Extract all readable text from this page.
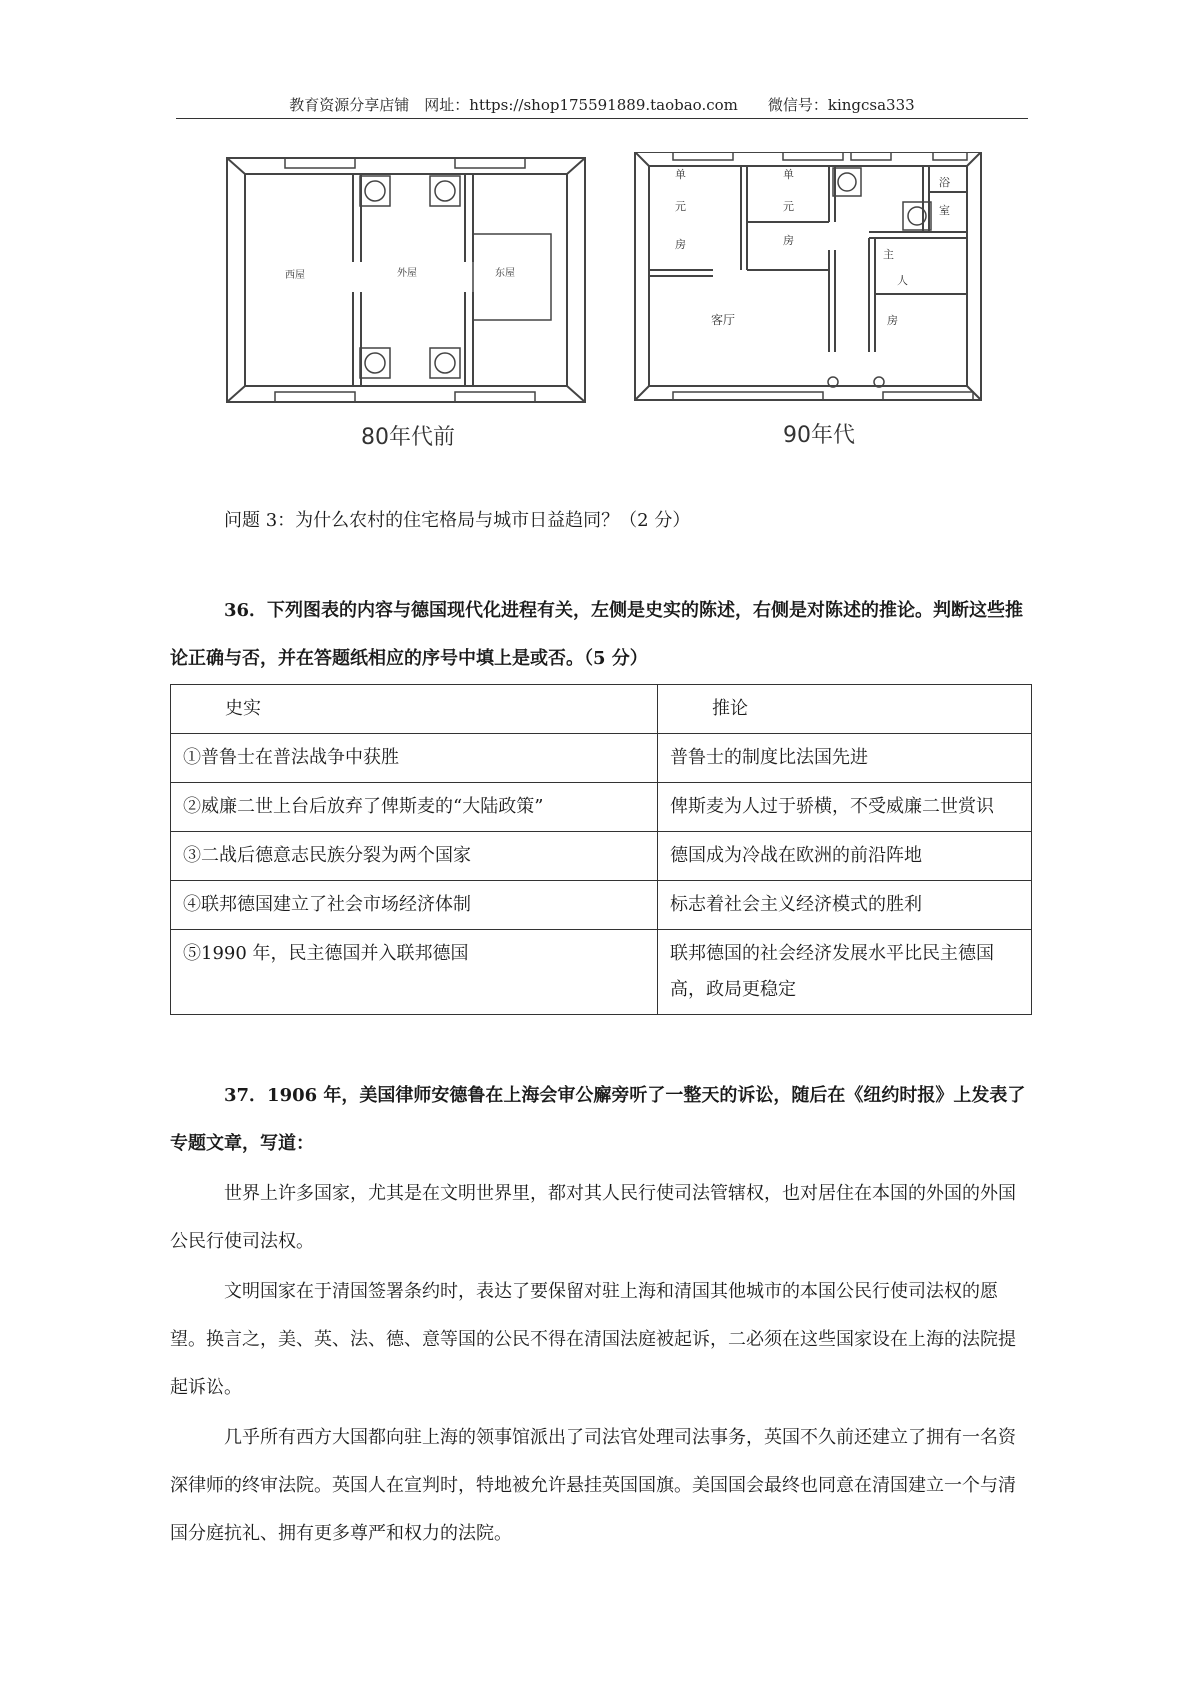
教育资源分享店铺　网址：https://shop175591889.taobao.com　　微信号：kingcsa333
西屋	外屋	东屋
80年代前
单
元
房
单
元
房
浴
室
主
人
房
客厅
90年代
问题 3：为什么农村的住宅格局与城市日益趋同？（2 分）
36．下列图表的内容与德国现代化进程有关，左侧是史实的陈述，右侧是对陈述的推论。判断这些推论正确与否，并在答题纸相应的序号中填上是或否。（5 分）
史实	推论
①普鲁士在普法战争中获胜	普鲁士的制度比法国先进
②威廉二世上台后放弃了俾斯麦的“大陆政策”	俾斯麦为人过于骄横，不受威廉二世赏识
③二战后德意志民族分裂为两个国家	德国成为冷战在欧洲的前沿阵地
④联邦德国建立了社会市场经济体制	标志着社会主义经济模式的胜利
⑤1990 年，民主德国并入联邦德国	联邦德国的社会经济发展水平比民主德国高，政局更稳定
37．1906 年，美国律师安德鲁在上海会审公廨旁听了一整天的诉讼，随后在《纽约时报》上发表了专题文章，写道：
世界上许多国家，尤其是在文明世界里，都对其人民行使司法管辖权，也对居住在本国的外国的外国公民行使司法权。
文明国家在于清国签署条约时，表达了要保留对驻上海和清国其他城市的本国公民行使司法权的愿望。换言之，美、英、法、德、意等国的公民不得在清国法庭被起诉，二必须在这些国家设在上海的法院提起诉讼。
几乎所有西方大国都向驻上海的领事馆派出了司法官处理司法事务，英国不久前还建立了拥有一名资深律师的终审法院。英国人在宣判时，特地被允许悬挂英国国旗。美国国会最终也同意在清国建立一个与清国分庭抗礼、拥有更多尊严和权力的法院。
